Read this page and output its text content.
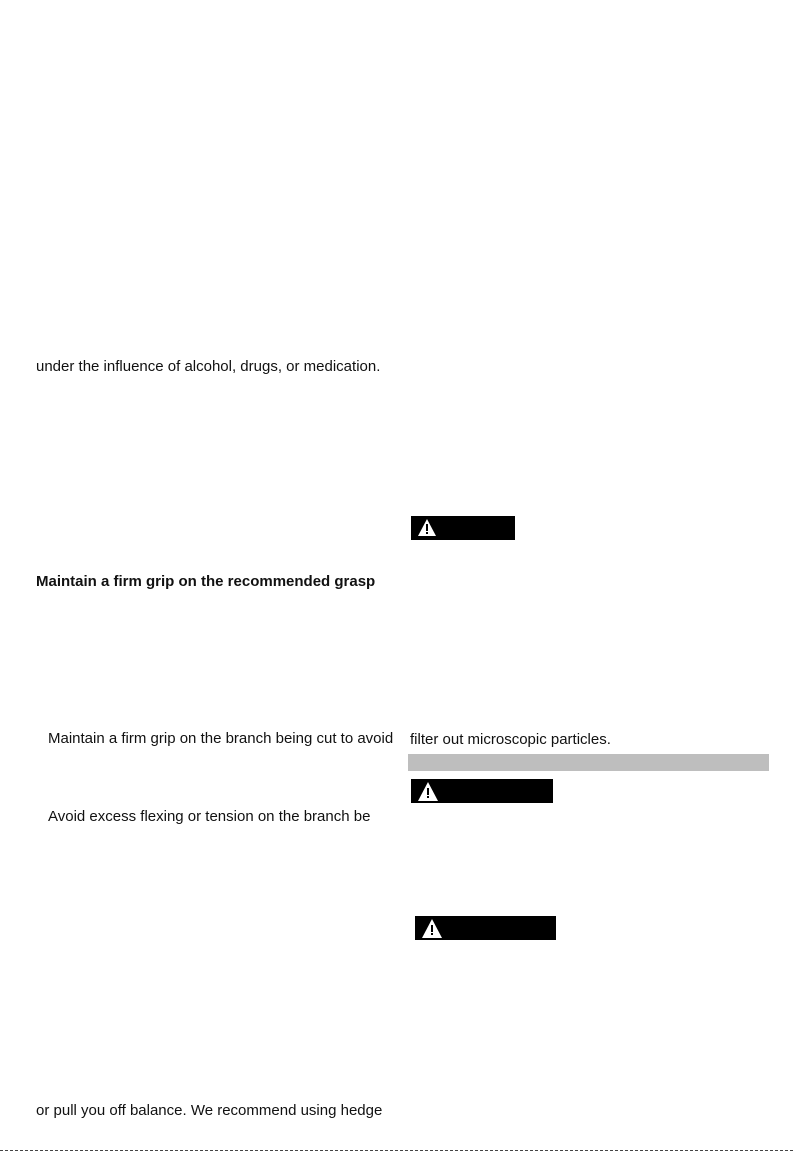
under the influence of alcohol, drugs, or medication.
Maintain a firm grip on the recommended grasp
Maintain a firm grip on the branch being cut to avoid
Avoid excess flexing or tension on the branch be
or pull you off balance. We recommend using hedge
filter out microscopic particles.
